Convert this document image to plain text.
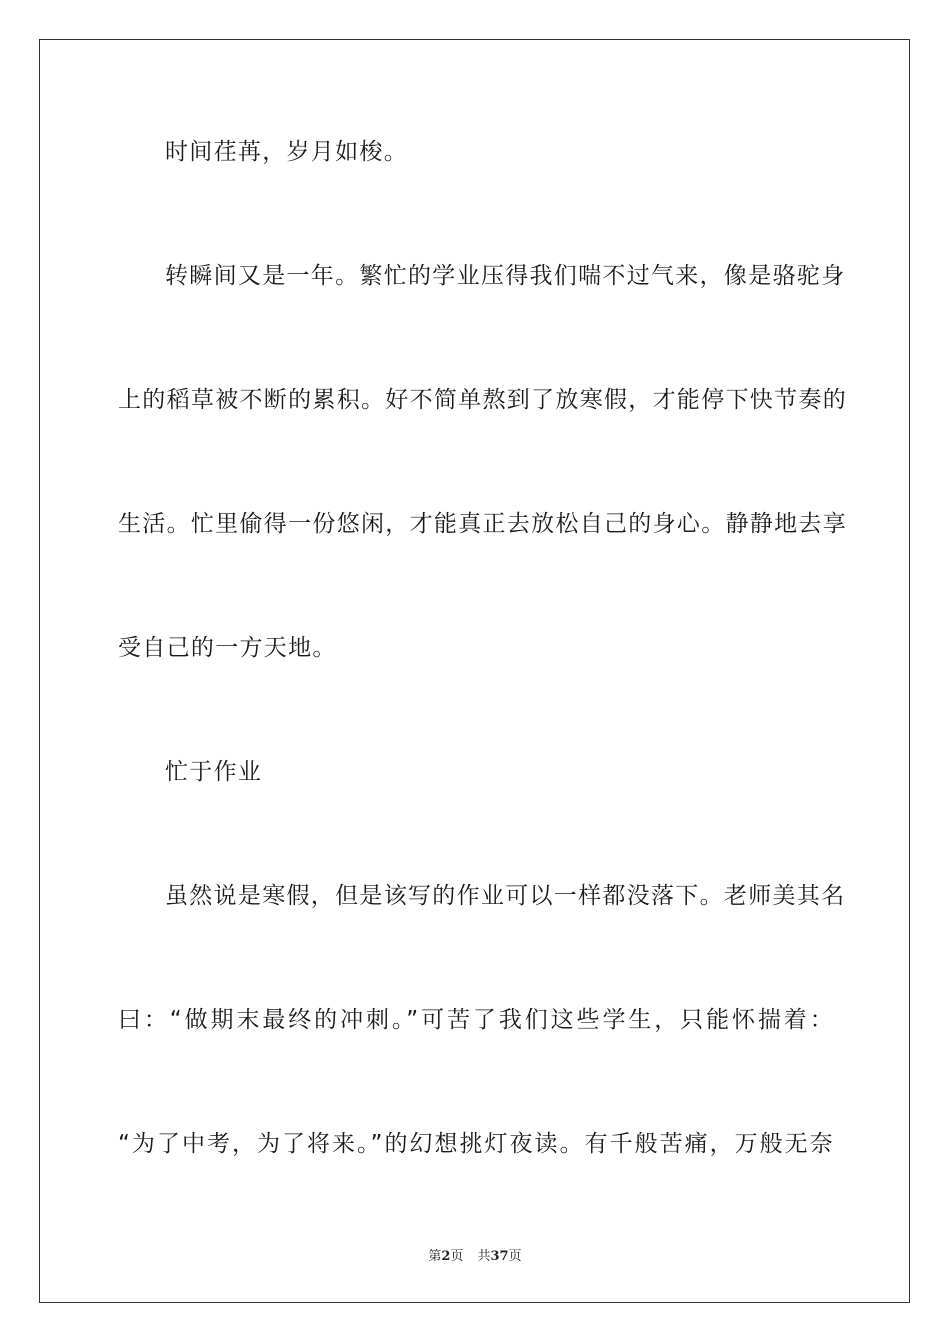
时间荏苒，岁月如梭。
转瞬间又是一年。繁忙的学业压得我们喘不过气来，像是骆驼身
上的稻草被不断的累积。好不简单熬到了放寒假，才能停下快节奏的
生活。忙里偷得一份悠闲，才能真正去放松自己的身心。静静地去享
受自己的一方天地。
忙于作业
虽然说是寒假，但是该写的作业可以一样都没落下。老师美其名
曰：“做期末最终的冲刺。”可苦了我们这些学生，只能怀揣着：
“为了中考，为了将来。”的幻想挑灯夜读。有千般苦痛，万般无奈
第2页 共37页
